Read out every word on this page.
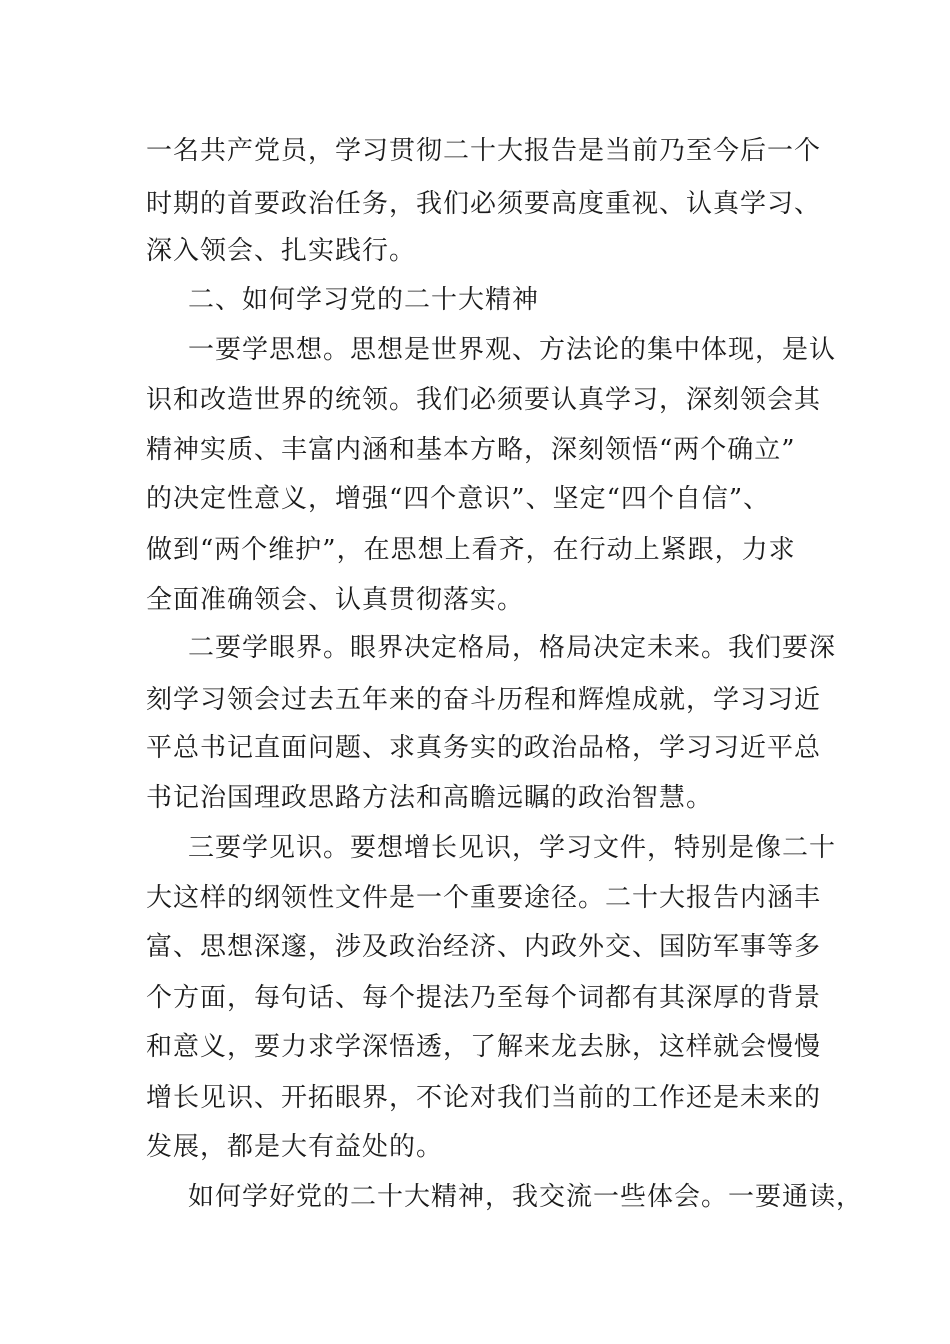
一名共产党员，学习贯彻二十大报告是当前乃至今后一个
时期的首要政治任务，我们必须要高度重视、认真学习、
深入领会、扎实践行。
二、如何学习党的二十大精神
一要学思想。思想是世界观、方法论的集中体现，是认
识和改造世界的统领。我们必须要认真学习，深刻领会其
精神实质、丰富内涵和基本方略，深刻领悟“两个确立”
的决定性意义，增强“四个意识”、坚定“四个自信”、
做到“两个维护”，在思想上看齐，在行动上紧跟，力求
全面准确领会、认真贯彻落实。
二要学眼界。眼界决定格局，格局决定未来。我们要深
刻学习领会过去五年来的奋斗历程和辉煌成就，学习习近
平总书记直面问题、求真务实的政治品格，学习习近平总
书记治国理政思路方法和高瞻远瞩的政治智慧。
三要学见识。要想增长见识，学习文件，特别是像二十
大这样的纲领性文件是一个重要途径。二十大报告内涵丰
富、思想深邃，涉及政治经济、内政外交、国防军事等多
个方面，每句话、每个提法乃至每个词都有其深厚的背景
和意义，要力求学深悟透，了解来龙去脉，这样就会慢慢
增长见识、开拓眼界，不论对我们当前的工作还是未来的
发展，都是大有益处的。
如何学好党的二十大精神，我交流一些体会。一要通读，
